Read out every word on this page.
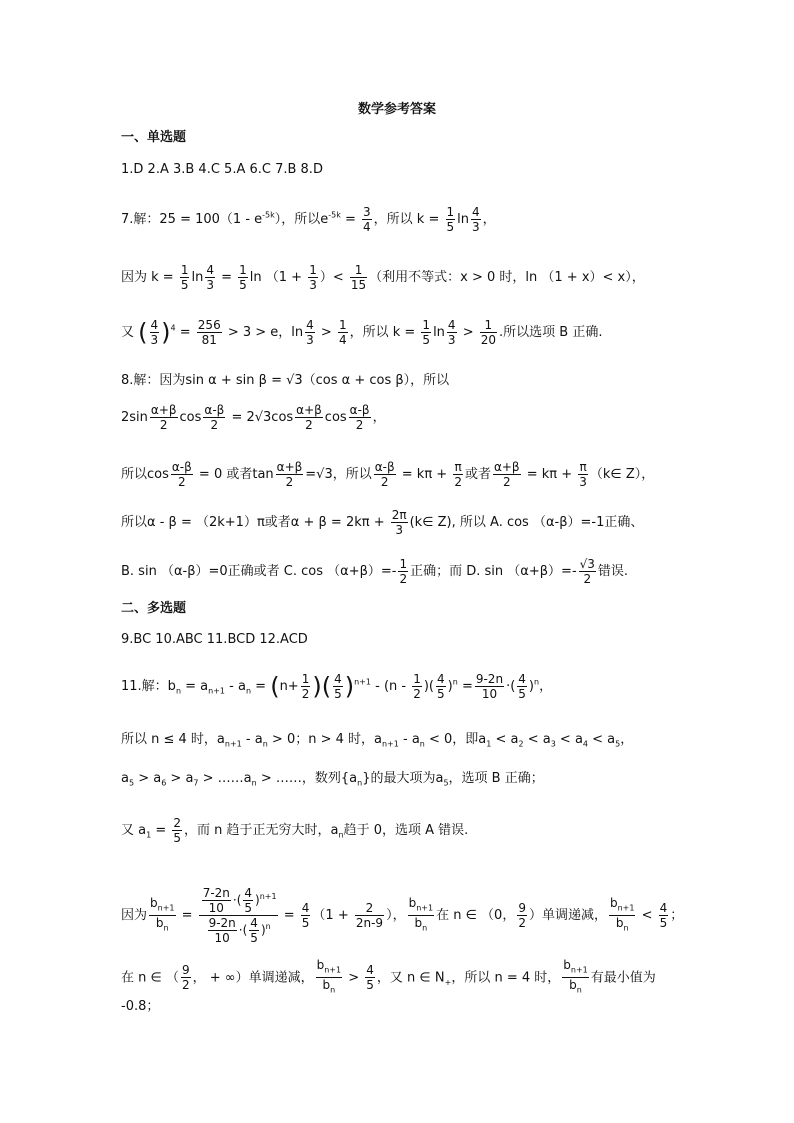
数学参考答案
一、单选题
1.D 2.A 3.B 4.C 5.A 6.C 7.B 8.D
7.解：$25 = 100(1 - e^{-5k})$，所以$e^{-5k} = \frac{3}{4}$ ，所以 $k = \frac{1}{5}$ $\ln \frac{4}{3}$ ，
因为 $k = \frac{1}{5}$ $\ln \frac{4}{3} = \frac{1}{5}$ $\ln (1 + \frac{1}{3}$ ）< $\frac{1}{15}$ （利用不等式：x > 0 时，ln （1 + x）< x），
又 ( $\frac{4}{3} )^4 = \frac{256}{81} > 3 > e$，$\ln \frac{4}{3} > \frac{1}{4}$ ，所以 $k = \frac{1}{5}$ $\ln \frac{4}{3} > \frac{1}{20}$ .所以选项 B 正确.
8.解：因为sin α + sin β = √3（cos α + cos β），所以
$2\sin \frac{\alpha+\beta}{2}$ $\cos \frac{\alpha-\beta}{2} = 2√3\cos \frac{\alpha+\beta}{2}$ $\cos \frac{\alpha-\beta}{2}$ ，
所以$\cos \frac{\alpha-\beta}{2} = 0$ 或者$\tan \frac{\alpha+\beta}{2} =√3$，所以 $\frac{\alpha-\beta}{2} = k\pi + \frac{\pi}{2}$ 或者 $\frac{\alpha+\beta}{2} = k\pi + \frac{\pi}{3}$ （k∈ Z），
所以α - β = （2k+1）π或者$\alpha + \beta = 2k\pi + \frac{2\pi}{3}$ (k∈ Z), 所以 A. cos （α-β）=-1正确、
B. sin （α-β）=0正确或者 C. $\cos (\alpha+\beta)=- \frac{1}{2}$ 正确；而 D. $\sin (\alpha+\beta)=- \frac{√3}{2}$ 错误.
二、多选题
9.BC 10.ABC 11.BCD 12.ACD
11.解：$b_n = a_{n+1} - a_n = (n+ \frac{1}{2}$ )( $\frac{4}{5} )^{n+1} - (n - \frac{1}{2}$ )( $\frac{4}{5} )^n = \frac{9-2n}{10}$ ·( $\frac{4}{5} )^n$，
所以 n ≤ 4 时，$a_{n+1} - a_n > 0$；n > 4 时，$a_{n+1} - a_n < 0$，即$a_1 < a_2 < a_3 < a_4 < a_5$，
$a_5 > a_6 > a_7$ > $\dots\dots a_n$ > ……，数列$\{a_n\}$的最大项为$a_5$，选项 B 正确；
又 $a_1 = \frac{2}{5}$ ，而 n 趋于正无穷大时，$a_n$趋于 0，选项 A 错误.
因为 $\frac{b_{n+1}}{b_n} = \frac{\frac{7-2n}{10} \cdot( \frac{4}{5} )^{n+1}}{\frac{9-2n}{10} \cdot( \frac{4}{5} )^n} = \frac{4}{5} (1 + \frac{2}{2n-9}$ ）， $\frac{b_{n+1}}{b_n}$ 在 n ∈ （0， $\frac{9}{2}$ ）单调递减， $\frac{b_{n+1}}{b_n} < \frac{4}{5}$ ；
在 n ∈ （ $\frac{9}{2}$ ， + ∞）单调递减， $\frac{b_{n+1}}{b_n} > \frac{4}{5}$ ，又 n ∈ $N_+$，所以 n = 4 时， $\frac{b_{n+1}}{b_n}$ 有最小值为
-0.8；
